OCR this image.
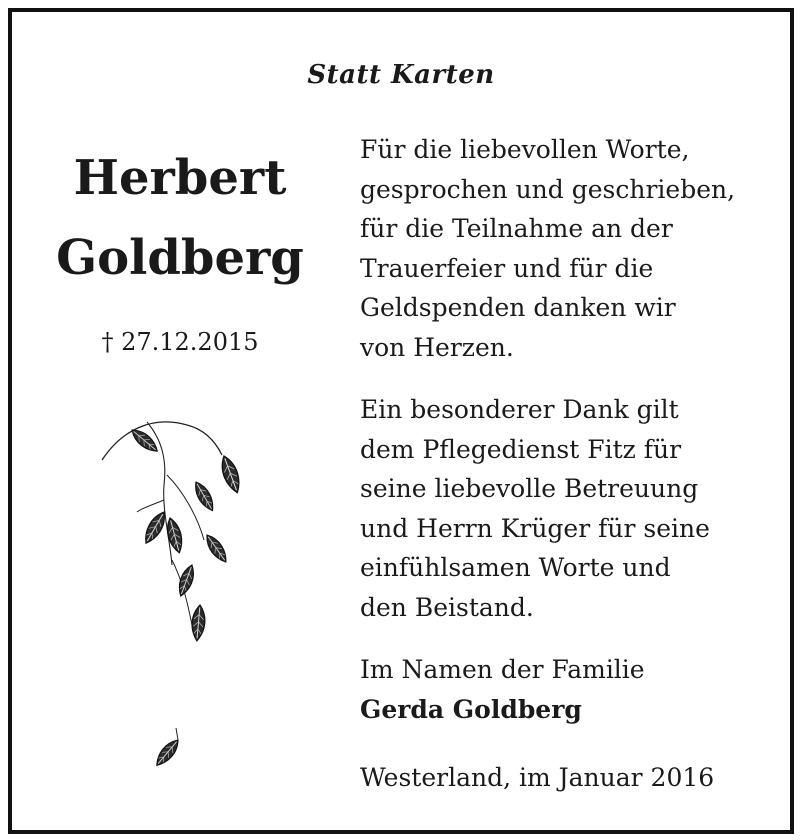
Statt Karten
Herbert
Goldberg
† 27.12.2015
Für die liebevollen Worte,
gesprochen und geschrieben,
für die Teilnahme an der
Trauerfeier und für die
Geldspenden danken wir
von Herzen.
Ein besonderer Dank gilt
dem Pflegedienst Fitz für
seine liebevolle Betreuung
und Herrn Krüger für seine
einfühlsamen Worte und
den Beistand.
Im Namen der Familie
Gerda Goldberg
Westerland, im Januar 2016
